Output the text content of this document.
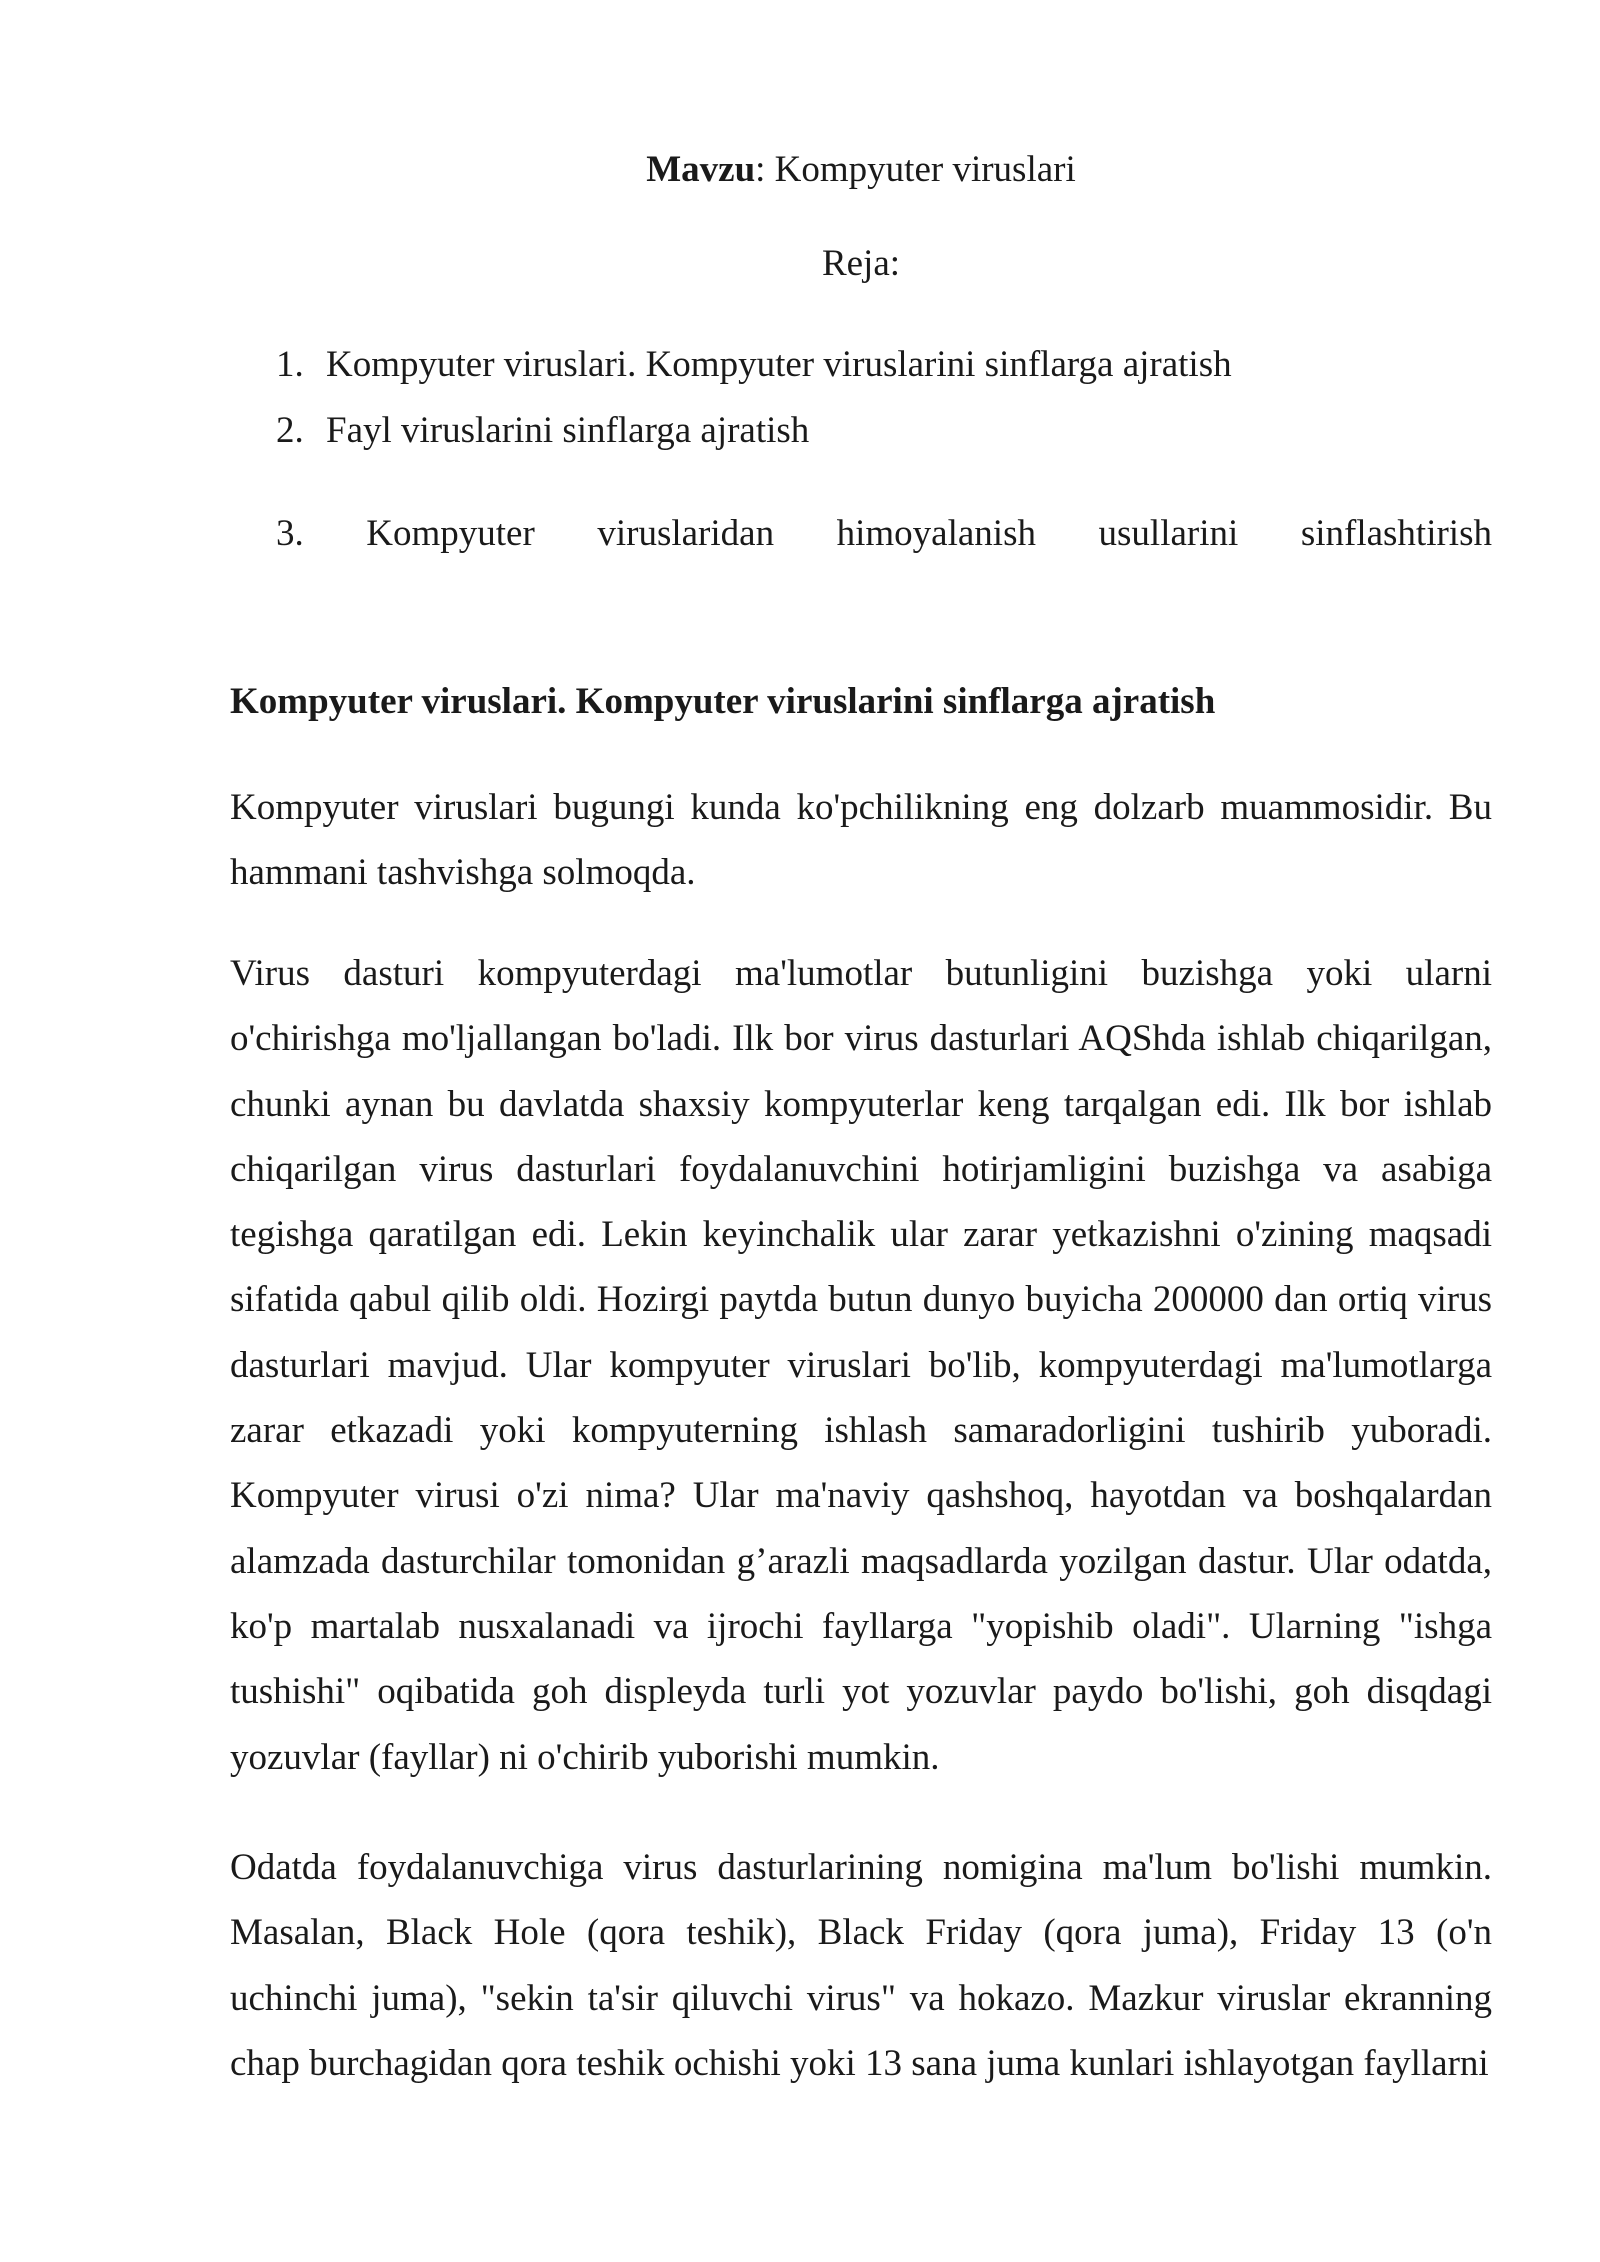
Mavzu: Kompyuter viruslari

Reja:

1. Kompyuter viruslari. Kompyuter viruslarini sinflarga ajratish

2. Fayl viruslarini sinflarga ajratish

3. Kompyuter viruslaridan himoyalanish usullarini sinflashtirish

Kompyuter viruslari. Kompyuter viruslarini sinflarga ajratish

Kompyuter viruslari bugungi kunda ko'pchilikning eng dolzarb muammosidir. Bu hammani tashvishga solmoqda.

Virus dasturi kompyuterdagi ma'lumotlar butunligini buzishga yoki ularni o'chirishga mo'ljallangan bo'ladi. Ilk bor virus dasturlari AQShda ishlab chiqarilgan, chunki aynan bu davlatda shaxsiy kompyuterlar keng tarqalgan edi. Ilk bor ishlab chiqarilgan virus dasturlari foydalanuvchini hotirjamligini buzishga va asabiga tegishga qaratilgan edi. Lekin keyinchalik ular zarar yetkazishni o'zining maqsadi sifatida qabul qilib oldi. Hozirgi paytda butun dunyo buyicha 200000 dan ortiq virus dasturlari mavjud. Ular kompyuter viruslari bo'lib, kompyuterdagi ma'lumotlarga zarar etkazadi yoki kompyuterning ishlash samaradorligini tushirib yuboradi. Kompyuter virusi o'zi nima? Ular ma'naviy qashshoq, hayotdan va boshqalardan alamzada dasturchilar tomonidan g’arazli maqsadlarda yozilgan dastur. Ular odatda, ko'p martalab nusxalanadi va ijrochi fayllarga "yopishib oladi". Ularning "ishga tushishi" oqibatida goh displeyda turli yot yozuvlar paydo bo'lishi, goh disqdagi yozuvlar (fayllar) ni o'chirib yuborishi mumkin.

Odatda foydalanuvchiga virus dasturlarining nomigina ma'lum bo'lishi mumkin. Masalan, Black Hole (qora teshik), Black Friday (qora juma), Friday 13 (o'n uchinchi juma), "sekin ta'sir qiluvchi virus" va hokazo. Mazkur viruslar ekranning chap burchagidan qora teshik ochishi yoki 13 sana juma kunlari ishlayotgan fayllarni
